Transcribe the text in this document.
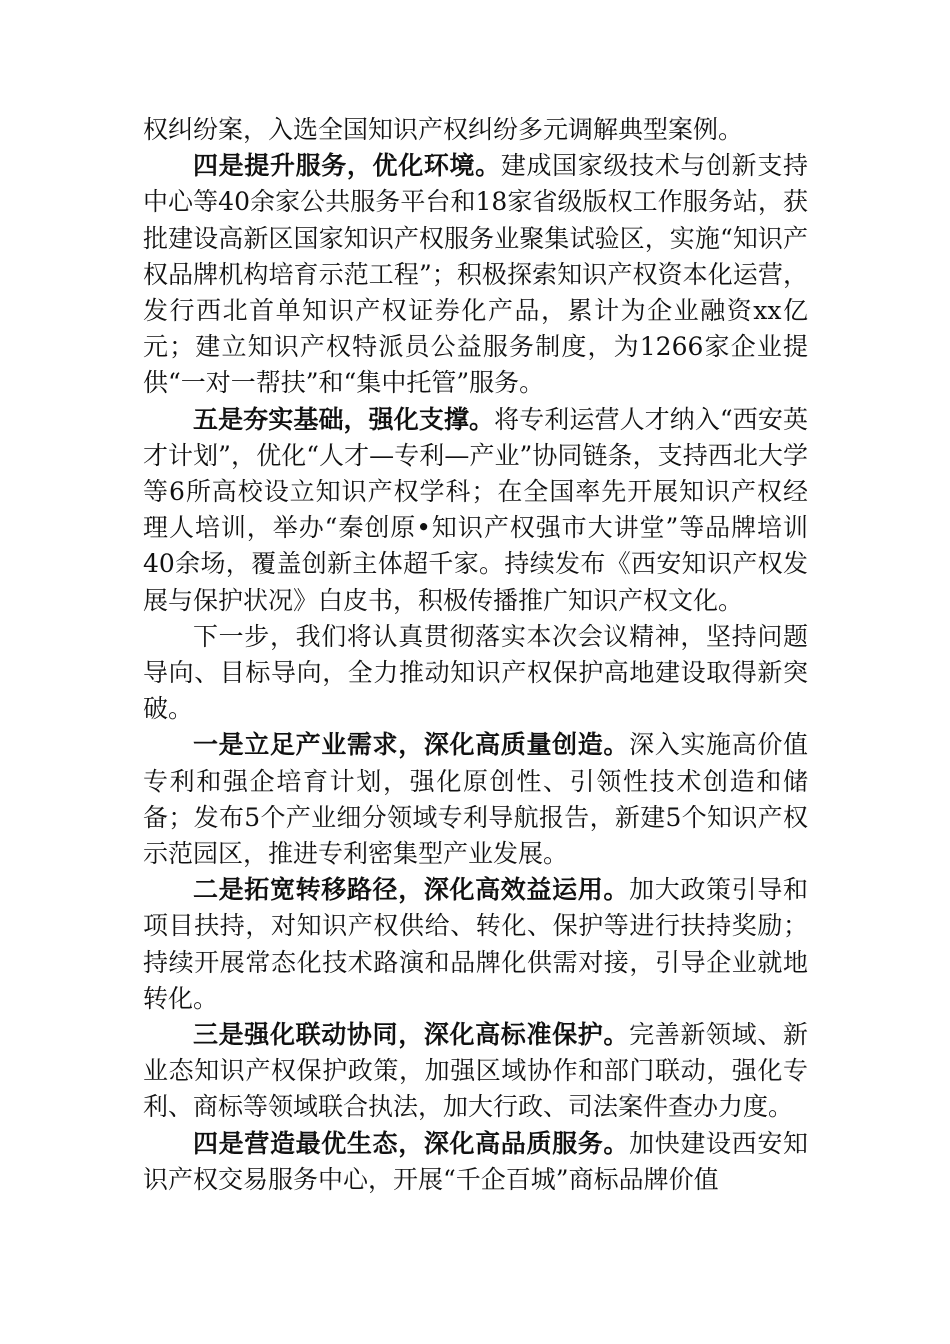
权纠纷案，入选全国知识产权纠纷多元调解典型案例。

四是提升服务，优化环境。建成国家级技术与创新支持中心等40余家公共服务平台和18家省级版权工作服务站，获批建设高新区国家知识产权服务业聚集试验区，实施“知识产权品牌机构培育示范工程”；积极探索知识产权资本化运营，发行西北首单知识产权证券化产品，累计为企业融资xx亿元；建立知识产权特派员公益服务制度，为1266家企业提供“一对一帮扶”和“集中托管”服务。

五是夯实基础，强化支撑。将专利运营人才纳入“西安英才计划”，优化“人才—专利—产业”协同链条，支持西北大学等6所高校设立知识产权学科；在全国率先开展知识产权经理人培训，举办“秦创原•知识产权强市大讲堂”等品牌培训40余场，覆盖创新主体超千家。持续发布《西安知识产权发展与保护状况》白皮书，积极传播推广知识产权文化。

下一步，我们将认真贯彻落实本次会议精神，坚持问题导向、目标导向，全力推动知识产权保护高地建设取得新突破。

一是立足产业需求，深化高质量创造。深入实施高价值专利和强企培育计划，强化原创性、引领性技术创造和储备；发布5个产业细分领域专利导航报告，新建5个知识产权示范园区，推进专利密集型产业发展。

二是拓宽转移路径，深化高效益运用。加大政策引导和项目扶持，对知识产权供给、转化、保护等进行扶持奖励；持续开展常态化技术路演和品牌化供需对接，引导企业就地转化。

三是强化联动协同，深化高标准保护。完善新领域、新业态知识产权保护政策，加强区域协作和部门联动，强化专利、商标等领域联合执法，加大行政、司法案件查办力度。

四是营造最优生态，深化高品质服务。加快建设西安知识产权交易服务中心，开展“千企百城”商标品牌价值
